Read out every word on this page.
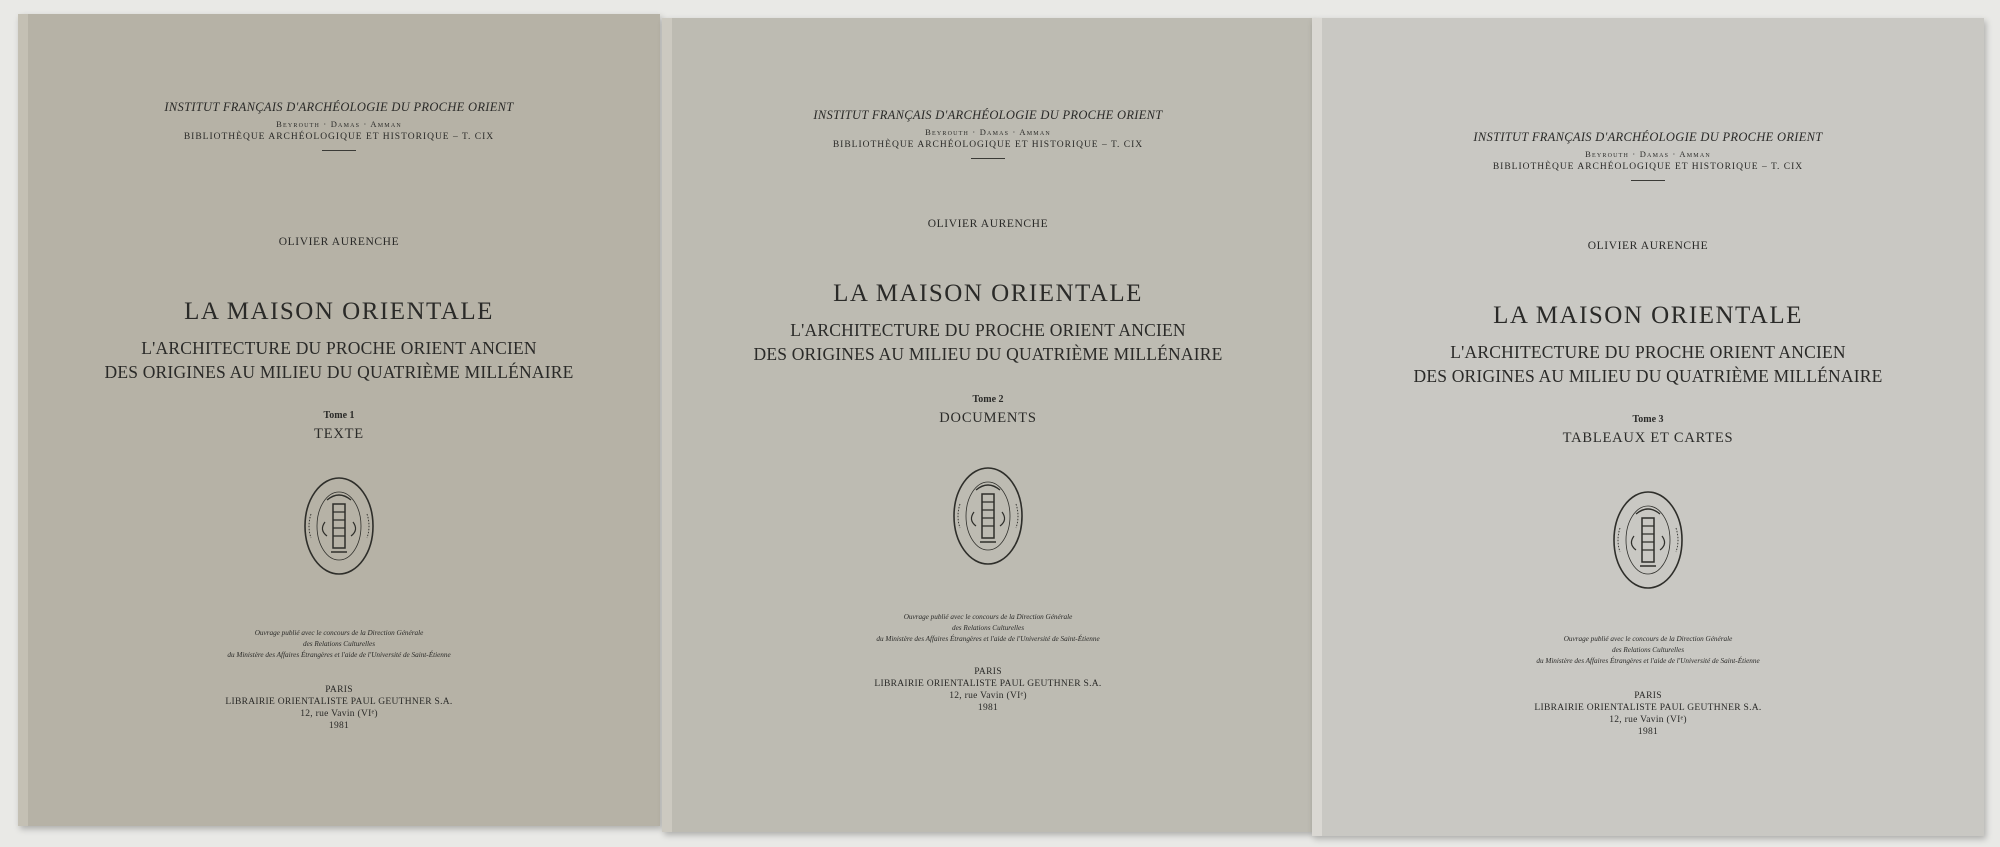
INSTITUT FRANÇAIS D'ARCHÉOLOGIE DU PROCHE ORIENT
Beyrouth · Damas · Amman
BIBLIOTHÈQUE ARCHÉOLOGIQUE ET HISTORIQUE – T. CIX
OLIVIER AURENCHE
LA MAISON ORIENTALE
L'ARCHITECTURE DU PROCHE ORIENT ANCIEN
DES ORIGINES AU MILIEU DU QUATRIÈME MILLÉNAIRE
Tome 1
TEXTE
Ouvrage publié avec le concours de la Direction Générale
des Relations Culturelles
du Ministère des Affaires Étrangères et l'aide de l'Université de Saint-Étienne
PARIS
LIBRAIRIE ORIENTALISTE PAUL GEUTHNER S.A.
12, rue Vavin (VIᵉ)
1981
INSTITUT FRANÇAIS D'ARCHÉOLOGIE DU PROCHE ORIENT
Beyrouth · Damas · Amman
BIBLIOTHÈQUE ARCHÉOLOGIQUE ET HISTORIQUE – T. CIX
OLIVIER AURENCHE
LA MAISON ORIENTALE
L'ARCHITECTURE DU PROCHE ORIENT ANCIEN
DES ORIGINES AU MILIEU DU QUATRIÈME MILLÉNAIRE
Tome 2
DOCUMENTS
Ouvrage publié avec le concours de la Direction Générale
des Relations Culturelles
du Ministère des Affaires Étrangères et l'aide de l'Université de Saint-Étienne
PARIS
LIBRAIRIE ORIENTALISTE PAUL GEUTHNER S.A.
12, rue Vavin (VIᵉ)
1981
INSTITUT FRANÇAIS D'ARCHÉOLOGIE DU PROCHE ORIENT
Beyrouth · Damas · Amman
BIBLIOTHÈQUE ARCHÉOLOGIQUE ET HISTORIQUE – T. CIX
OLIVIER AURENCHE
LA MAISON ORIENTALE
L'ARCHITECTURE DU PROCHE ORIENT ANCIEN
DES ORIGINES AU MILIEU DU QUATRIÈME MILLÉNAIRE
Tome 3
TABLEAUX ET CARTES
Ouvrage publié avec le concours de la Direction Générale
des Relations Culturelles
du Ministère des Affaires Étrangères et l'aide de l'Université de Saint-Étienne
PARIS
LIBRAIRIE ORIENTALISTE PAUL GEUTHNER S.A.
12, rue Vavin (VIᵉ)
1981
